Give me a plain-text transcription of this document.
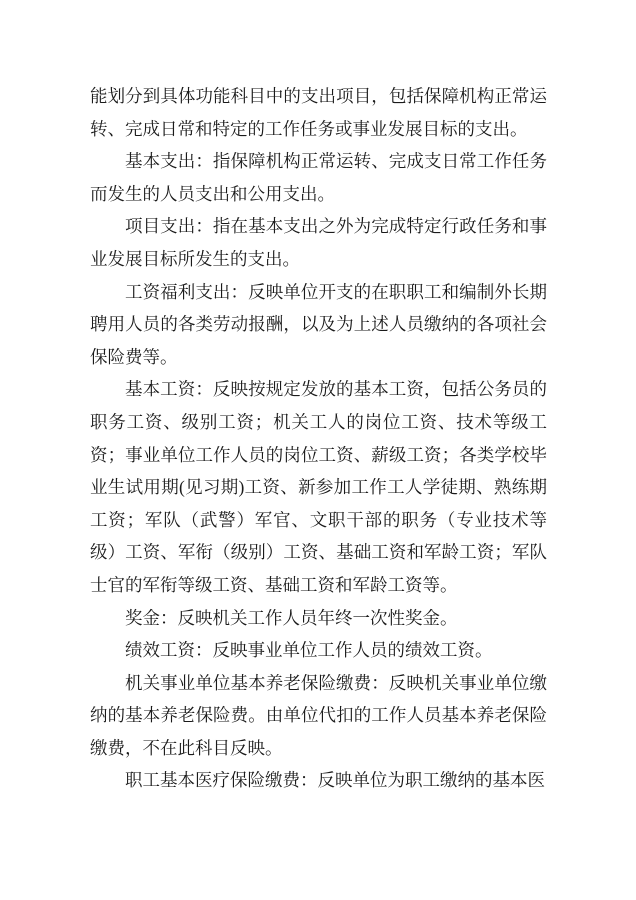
能划分到具体功能科目中的支出项目，包括保障机构正常运转、完成日常和特定的工作任务或事业发展目标的支出。

基本支出：指保障机构正常运转、完成支日常工作任务而发生的人员支出和公用支出。

项目支出：指在基本支出之外为完成特定行政任务和事业发展目标所发生的支出。

工资福利支出：反映单位开支的在职职工和编制外长期聘用人员的各类劳动报酬，以及为上述人员缴纳的各项社会保险费等。

基本工资：反映按规定发放的基本工资，包括公务员的职务工资、级别工资；机关工人的岗位工资、技术等级工资；事业单位工作人员的岗位工资、薪级工资；各类学校毕业生试用期(见习期)工资、新参加工作工人学徒期、熟练期工资；军队（武警）军官、文职干部的职务（专业技术等级）工资、军衔（级别）工资、基础工资和军龄工资；军队士官的军衔等级工资、基础工资和军龄工资等。

奖金：反映机关工作人员年终一次性奖金。

绩效工资：反映事业单位工作人员的绩效工资。

机关事业单位基本养老保险缴费：反映机关事业单位缴纳的基本养老保险费。由单位代扣的工作人员基本养老保险缴费，不在此科目反映。

职工基本医疗保险缴费：反映单位为职工缴纳的基本医
